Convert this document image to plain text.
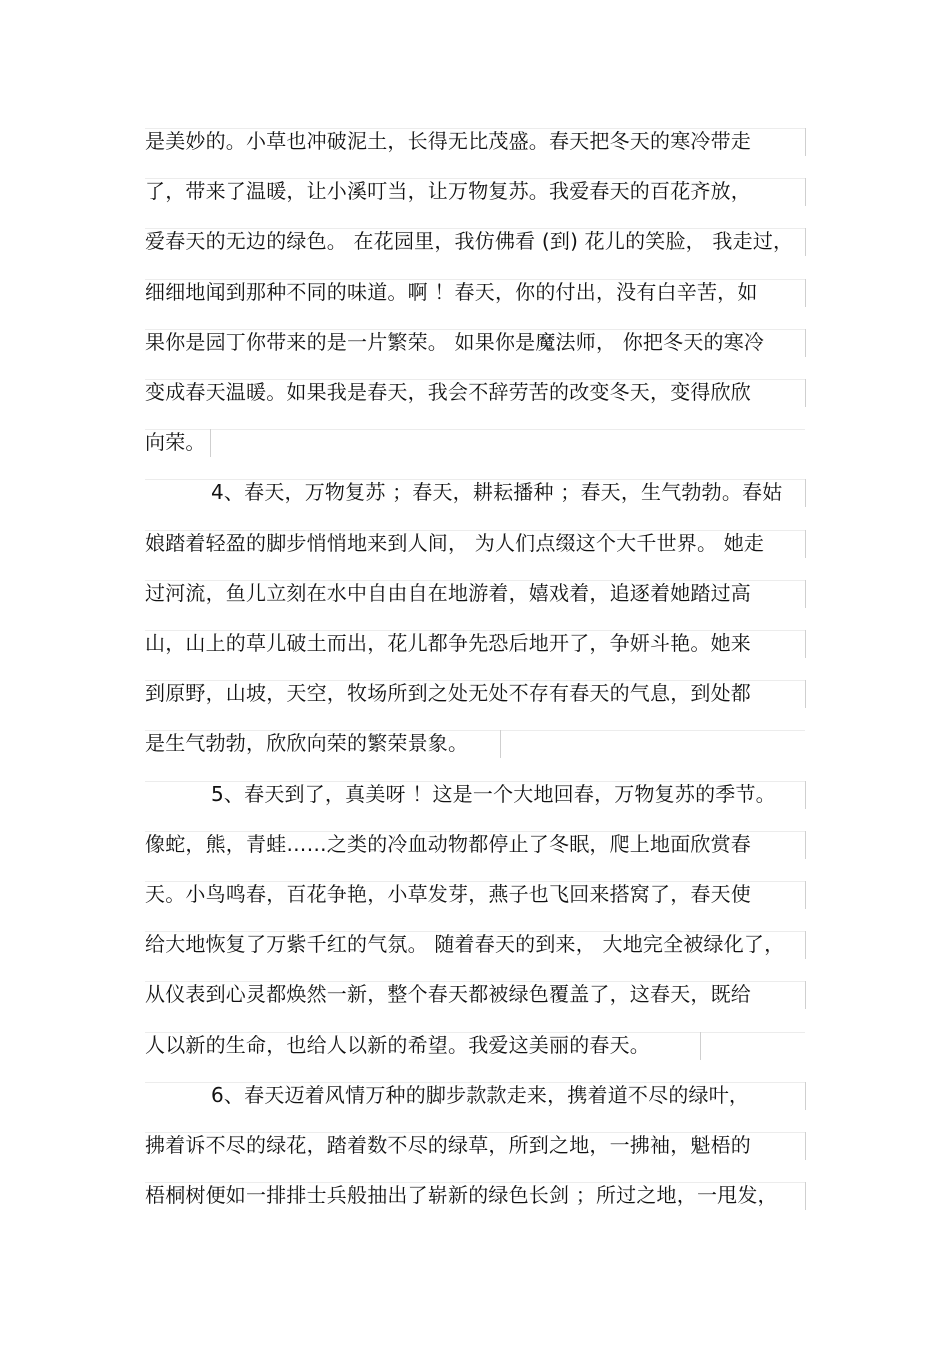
是美妙的。小草也冲破泥土，长得无比茂盛。春天把冬天的寒冷带走
了，带来了温暖，让小溪叮当，让万物复苏。我爱春天的百花齐放，
爱春天的无边的绿色。 在花园里，我仿佛看 (到) 花儿的笑脸， 我走过，
细细地闻到那种不同的味道。啊 ！春天，你的付出，没有白辛苦，如
果你是园丁你带来的是一片繁荣。 如果你是魔法师， 你把冬天的寒冷
变成春天温暖。如果我是春天，我会不辞劳苦的改变冬天，变得欣欣
向荣。
4、春天，万物复苏 ；春天，耕耘播种 ；春天，生气勃勃。春姑
娘踏着轻盈的脚步悄悄地来到人间， 为人们点缀这个大千世界。 她走
过河流，鱼儿立刻在水中自由自在地游着，嬉戏着，追逐着她踏过高
山，山上的草儿破土而出，花儿都争先恐后地开了，争妍斗艳。她来
到原野，山坡，天空，牧场所到之处无处不存有春天的气息，到处都
是生气勃勃，欣欣向荣的繁荣景象。
5、春天到了，真美呀 ！这是一个大地回春，万物复苏的季节。
像蛇，熊，青蛙……之类的冷血动物都停止了冬眠，爬上地面欣赏春
天。小鸟鸣春，百花争艳，小草发芽，燕子也飞回来搭窝了，春天使
给大地恢复了万紫千红的气氛。 随着春天的到来， 大地完全被绿化了，
从仪表到心灵都焕然一新，整个春天都被绿色覆盖了，这春天，既给
人以新的生命，也给人以新的希望。我爱这美丽的春天。
6、春天迈着风情万种的脚步款款走来，携着道不尽的绿叶，
拂着诉不尽的绿花，踏着数不尽的绿草，所到之地，一拂袖，魁梧的
梧桐树便如一排排士兵般抽出了崭新的绿色长剑 ；所过之地，一甩发，
